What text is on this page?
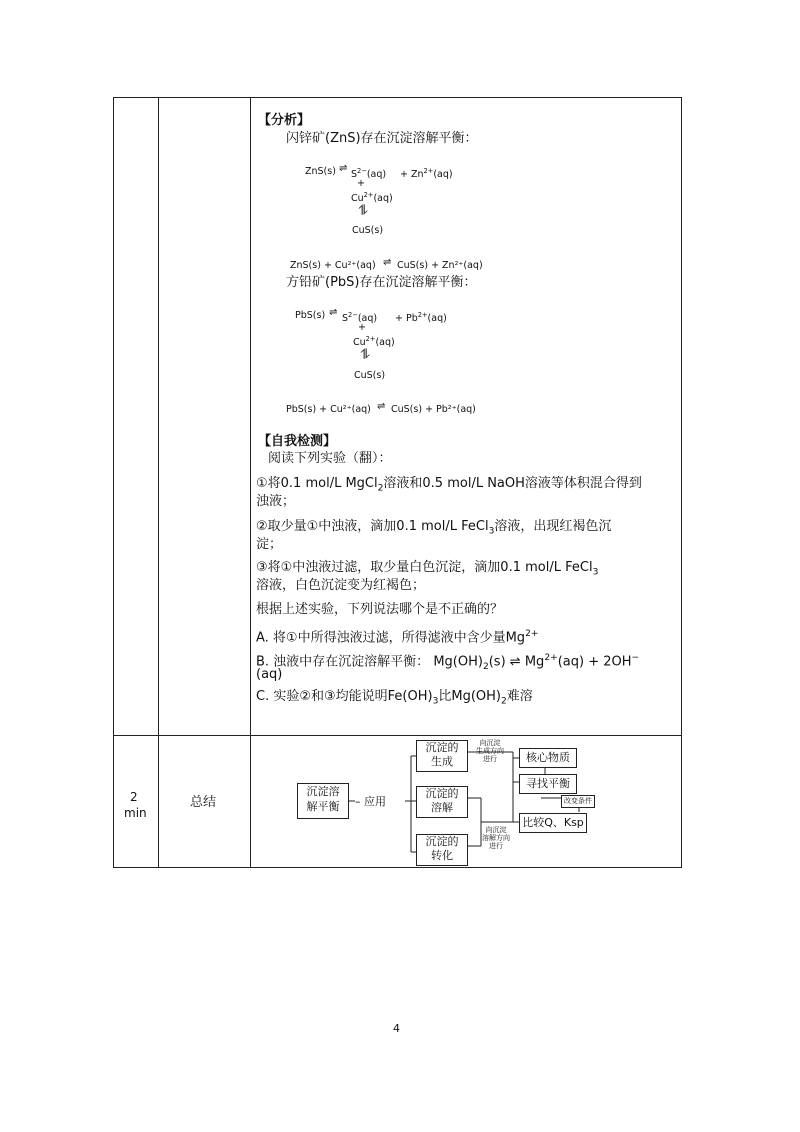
【分析】
闪锌矿(ZnS)存在沉淀溶解平衡：
ZnS(s) ⇌
$S^{2-}(aq) + Zn^{2+}(aq)$
+
$Cu^{2+}(aq)$
⥮
CuS(s)
ZnS(s) + Cu²⁺(aq) ⇌ CuS(s) + Zn²⁺(aq)
方铅矿(PbS)存在沉淀溶解平衡：
PbS(s) ⇌
$S^{2-}(aq) + Pb^{2+}(aq)$
+
$Cu^{2+}(aq)$
⥮
CuS(s)
PbS(s) + Cu²⁺(aq) ⇌ CuS(s) + Pb²⁺(aq)
【自我检测】
阅读下列实验（翻）：
①将0.1 mol/L MgCl$_2$溶液和0.5 mol/L NaOH溶液等体积混合得到
浊液；
②取少量①中浊液，滴加0.1 mol/L FeCl$_3$溶液，出现红褐色沉
淀；
③将①中浊液过滤，取少量白色沉淀，滴加0.1 mol/L FeCl$_3$
溶液，白色沉淀变为红褐色；
根据上述实验，下列说法哪个是不正确的？
A. 将①中所得浊液过滤，所得滤液中含少量$Mg^{2+}$
B. 浊液中存在沉淀溶解平衡： $Mg(OH)_2(s)$ ⇌ $Mg^{2+}(aq) + 2OH^-$
(aq)
C. 实验②和③均能说明$Fe(OH)_3$比$Mg(OH)_2$难溶
2
min
总结
沉淀溶
解平衡	– 应用
沉淀的
生成
沉淀的
溶解
沉淀的
转化
向沉淀
生成方向
进行
向沉淀
溶解方向
进行
核心物质
寻找平衡
改变条件
比较Q、Ksp
4
